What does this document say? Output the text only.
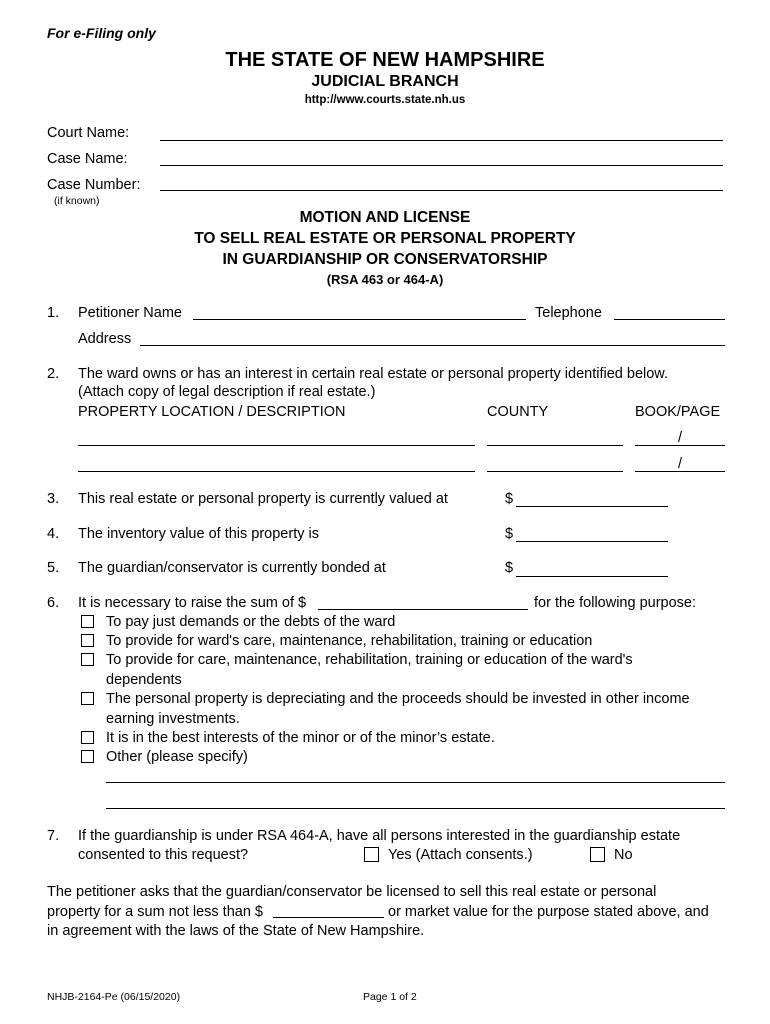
For e-Filing only
THE STATE OF NEW HAMPSHIRE
JUDICIAL BRANCH
http://www.courts.state.nh.us
Court Name:
Case Name:
Case Number:
(if known)
MOTION AND LICENSE
TO SELL REAL ESTATE OR PERSONAL PROPERTY
IN GUARDIANSHIP OR CONSERVATORSHIP
(RSA 463 or 464-A)
1. Petitioner Name	Telephone
Address
2. The ward owns or has an interest in certain real estate or personal property identified below.
(Attach copy of legal description if real estate.)
PROPERTY LOCATION / DESCRIPTION	COUNTY	BOOK/PAGE
/
/
3. This real estate or personal property is currently valued at	$
4. The inventory value of this property is	$
5. The guardian/conservator is currently bonded at	$
6. It is necessary to raise the sum of $	for the following purpose:
To pay just demands or the debts of the ward
To provide for ward's care, maintenance, rehabilitation, training or education
To provide for care, maintenance, rehabilitation, training or education of the ward's
dependents
The personal property is depreciating and the proceeds should be invested in other income
earning investments.
It is in the best interests of the minor or of the minor’s estate.
Other (please specify)
7. If the guardianship is under RSA 464-A, have all persons interested in the guardianship estate
consented to this request?	Yes (Attach consents.)	No
The petitioner asks that the guardian/conservator be licensed to sell this real estate or personal
property for a sum not less than $	or market value for the purpose stated above, and
in agreement with the laws of the State of New Hampshire.
NHJB-2164-Pe (06/15/2020)	Page 1 of 2
